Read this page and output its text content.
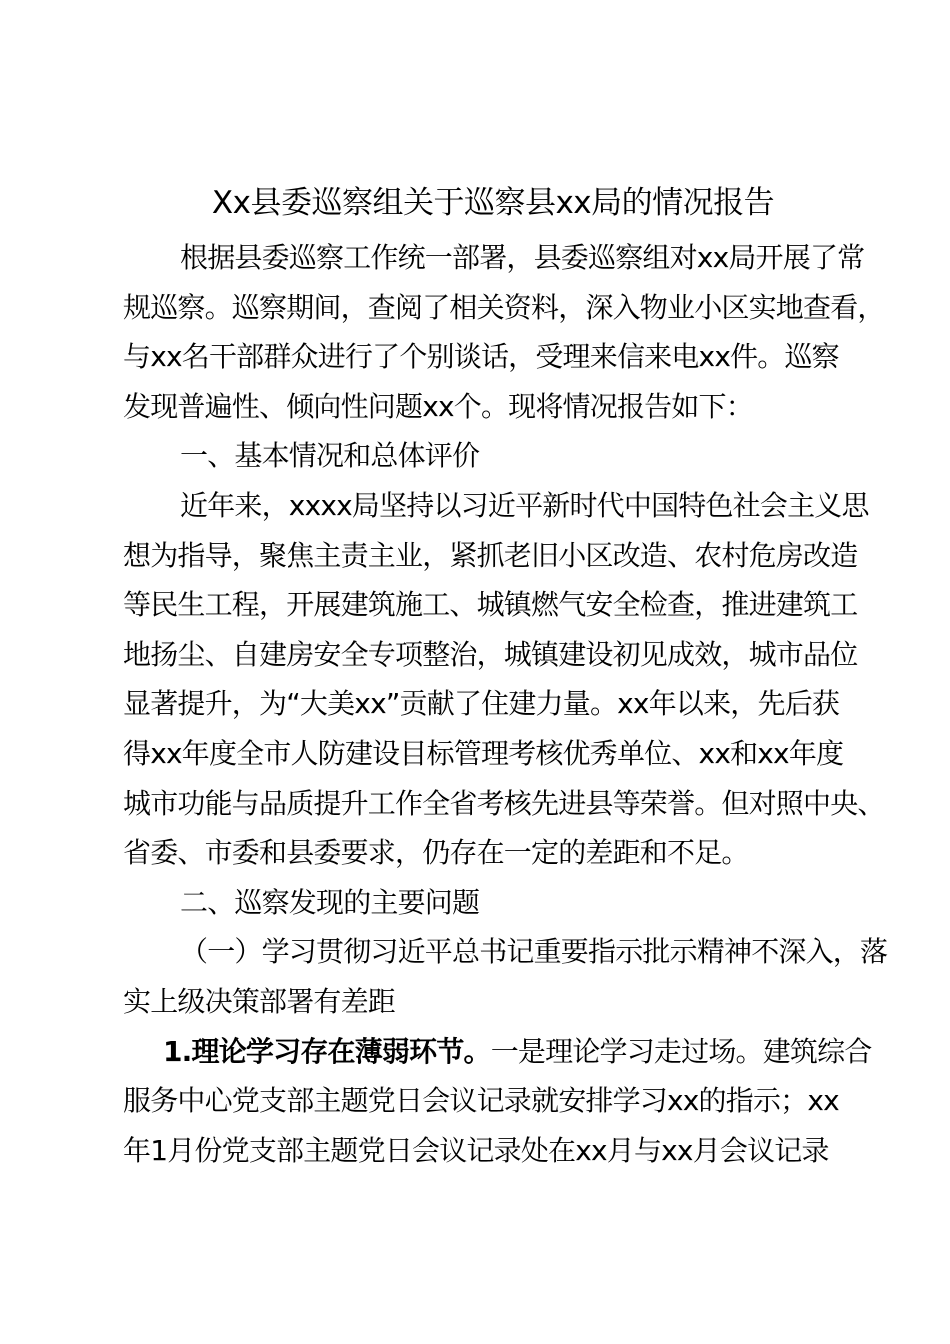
Xx县委巡察组关于巡察县xx局的情况报告
根据县委巡察工作统一部署，县委巡察组对xx局开展了常
规巡察。巡察期间，查阅了相关资料，深入物业小区实地查看，
与xx名干部群众进行了个别谈话，受理来信来电xx件。巡察
发现普遍性、倾向性问题xx个。现将情况报告如下：
一、基本情况和总体评价
近年来，xxxx局坚持以习近平新时代中国特色社会主义思
想为指导，聚焦主责主业，紧抓老旧小区改造、农村危房改造
等民生工程，开展建筑施工、城镇燃气安全检查，推进建筑工
地扬尘、自建房安全专项整治，城镇建设初见成效，城市品位
显著提升，为“大美xx”贡献了住建力量。xx年以来，先后获
得xx年度全市人防建设目标管理考核优秀单位、xx和xx年度
城市功能与品质提升工作全省考核先进县等荣誉。但对照中央、
省委、市委和县委要求，仍存在一定的差距和不足。
二、巡察发现的主要问题
（一）学习贯彻习近平总书记重要指示批示精神不深入，落
实上级决策部署有差距
1.理论学习存在薄弱环节。一是理论学习走过场。建筑综合
服务中心党支部主题党日会议记录就安排学习xx的指示；xx
年1月份党支部主题党日会议记录处在xx月与xx月会议记录
